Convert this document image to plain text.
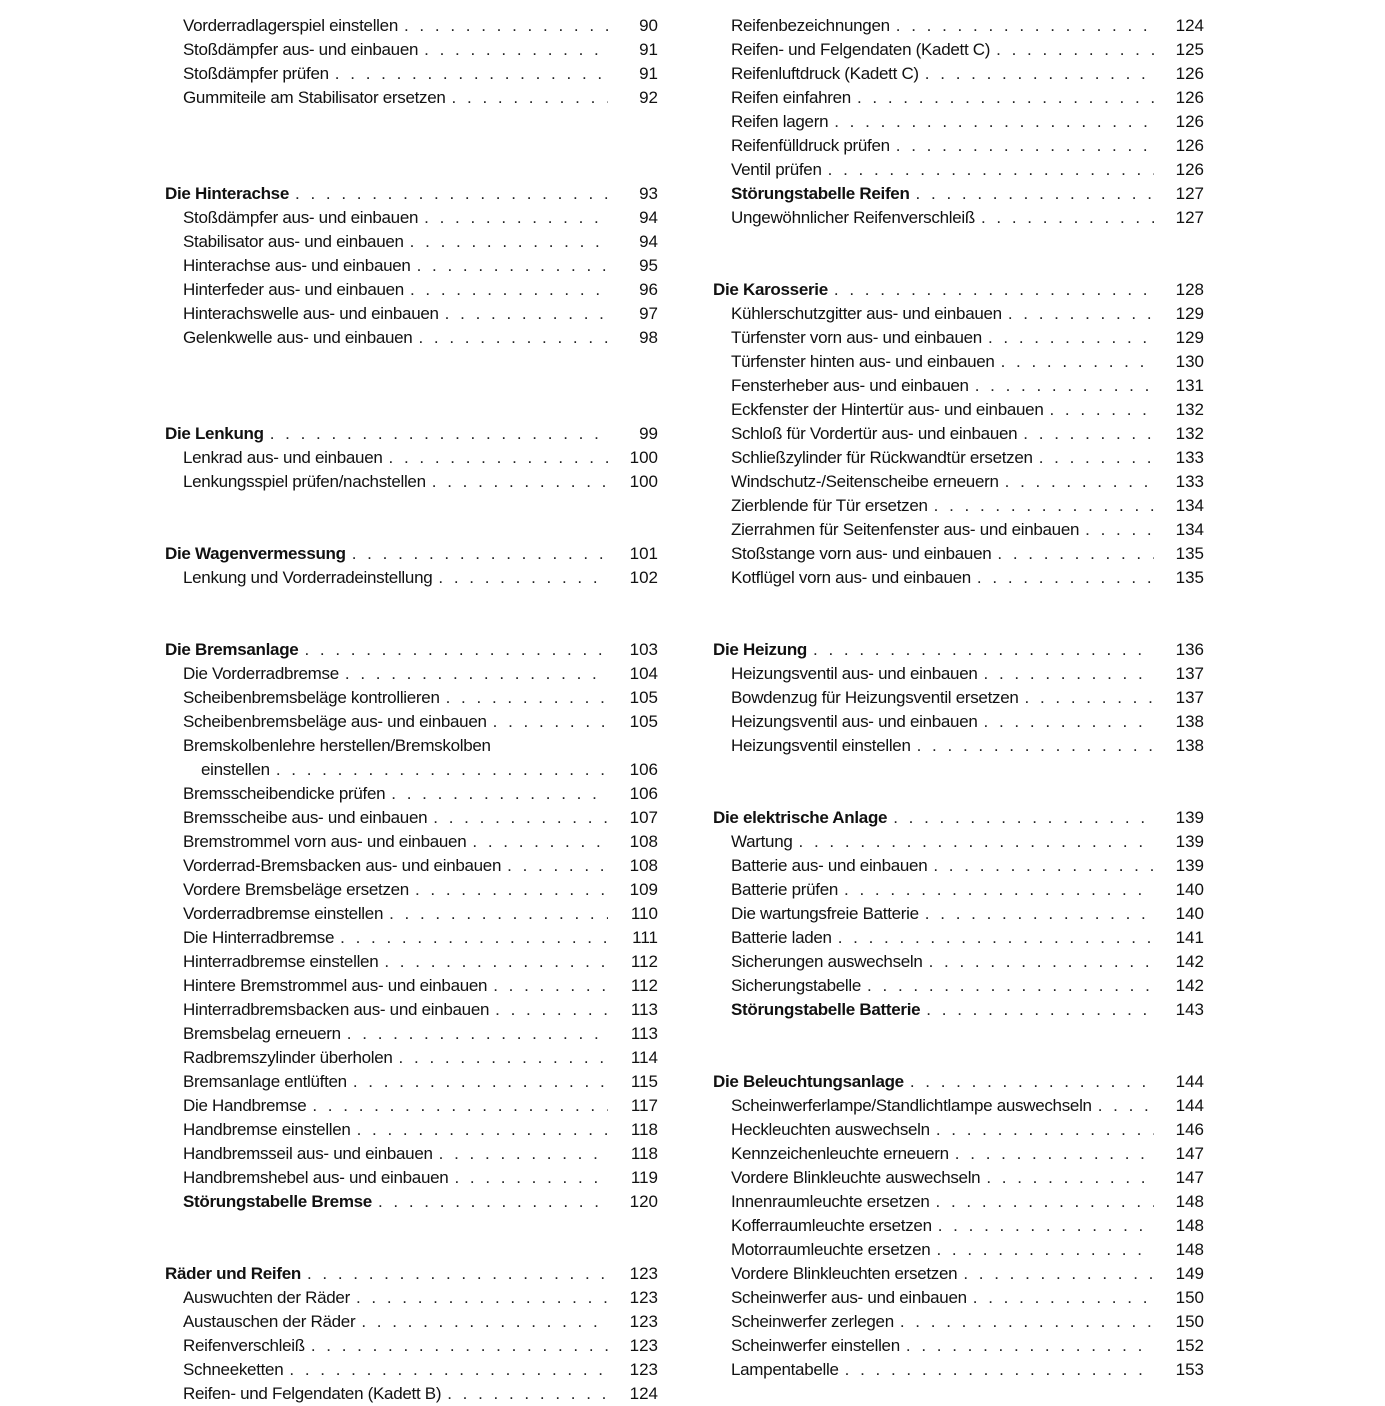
Vorderradlagerspiel einstellen . . .	90
Stoßdämpfer aus- und einbauen . . .	91
Stoßdämpfer prüfen . . .	91
Gummiteile am Stabilisator ersetzen . . .	92
Die Hinterachse . . .	93
Stoßdämpfer aus- und einbauen . . .	94
Stabilisator aus- und einbauen . . .	94
Hinterachse aus- und einbauen . . .	95
Hinterfeder aus- und einbauen . . .	96
Hinterachswelle aus- und einbauen . . .	97
Gelenkwelle aus- und einbauen . . .	98
Die Lenkung . . .	99
Lenkrad aus- und einbauen . . .	100
Lenkungsspiel prüfen/nachstellen . . .	100
Die Wagenvermessung . . .	101
Lenkung und Vorderradeinstellung . . .	102
Die Bremsanlage . . .	103
Die Vorderradbremse . . .	104
Scheibenbremsbeläge kontrollieren . . .	105
Scheibenbremsbeläge aus- und einbauen . . .	105
Bremskolbenlehre herstellen/Bremskolben
einstellen . . .	106
Bremsscheibendicke prüfen . . .	106
Bremsscheibe aus- und einbauen . . .	107
Bremstrommel vorn aus- und einbauen . . .	108
Vorderrad-Bremsbacken aus- und einbauen . . .	108
Vordere Bremsbeläge ersetzen . . .	109
Vorderradbremse einstellen . . .	110
Die Hinterradbremse . . .	111
Hinterradbremse einstellen . . .	112
Hintere Bremstrommel aus- und einbauen . . .	112
Hinterradbremsbacken aus- und einbauen . . .	113
Bremsbelag erneuern . . .	113
Radbremszylinder überholen . . .	114
Bremsanlage entlüften . . .	115
Die Handbremse . . .	117
Handbremse einstellen . . .	118
Handbremsseil aus- und einbauen . . .	118
Handbremshebel aus- und einbauen . . .	119
Störungstabelle Bremse . . .	120
Räder und Reifen . . .	123
Auswuchten der Räder . . .	123
Austauschen der Räder . . .	123
Reifenverschleiß . . .	123
Schneeketten . . .	123
Reifen- und Felgendaten (Kadett B) . . .	124
Reifenbezeichnungen . . .	124
Reifen- und Felgendaten (Kadett C) . . .	125
Reifenluftdruck (Kadett C) . . .	126
Reifen einfahren . . .	126
Reifen lagern . . .	126
Reifenfülldruck prüfen . . .	126
Ventil prüfen . . .	126
Störungstabelle Reifen . . .	127
Ungewöhnlicher Reifenverschleiß . . .	127
Die Karosserie . . .	128
Kühlerschutzgitter aus- und einbauen . . .	129
Türfenster vorn aus- und einbauen . . .	129
Türfenster hinten aus- und einbauen . . .	130
Fensterheber aus- und einbauen . . .	131
Eckfenster der Hintertür aus- und einbauen . . .	132
Schloß für Vordertür aus- und einbauen . . .	132
Schließzylinder für Rückwandtür ersetzen . . .	133
Windschutz-/Seitenscheibe erneuern . . .	133
Zierblende für Tür ersetzen . . .	134
Zierrahmen für Seitenfenster aus- und einbauen . . .	134
Stoßstange vorn aus- und einbauen . . .	135
Kotflügel vorn aus- und einbauen . . .	135
Die Heizung . . .	136
Heizungsventil aus- und einbauen . . .	137
Bowdenzug für Heizungsventil ersetzen . . .	137
Heizungsventil aus- und einbauen . . .	138
Heizungsventil einstellen . . .	138
Die elektrische Anlage . . .	139
Wartung . . .	139
Batterie aus- und einbauen . . .	139
Batterie prüfen . . .	140
Die wartungsfreie Batterie . . .	140
Batterie laden . . .	141
Sicherungen auswechseln . . .	142
Sicherungstabelle . . .	142
Störungstabelle Batterie . . .	143
Die Beleuchtungsanlage . . .	144
Scheinwerferlampe/Standlichtlampe auswechseln . . .	144
Heckleuchten auswechseln . . .	146
Kennzeichenleuchte erneuern . . .	147
Vordere Blinkleuchte auswechseln . . .	147
Innenraumleuchte ersetzen . . .	148
Kofferraumleuchte ersetzen . . .	148
Motorraumleuchte ersetzen . . .	148
Vordere Blinkleuchten ersetzen . . .	149
Scheinwerfer aus- und einbauen . . .	150
Scheinwerfer zerlegen . . .	150
Scheinwerfer einstellen . . .	152
Lampentabelle . . .	153
